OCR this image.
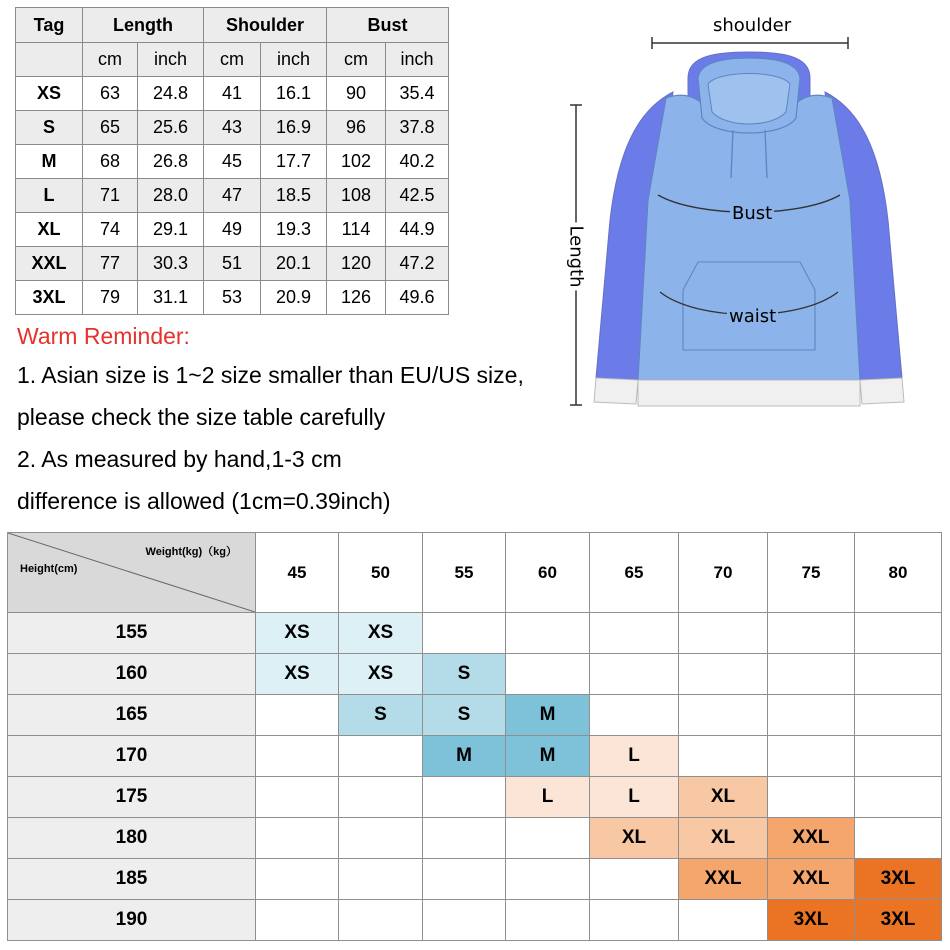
Tag	Length		Shoulder		Bust	
	cm	inch	cm	inch	cm	inch
XS	63	24.8	41	16.1	90	35.4
S	65	25.6	43	16.9	96	37.8
M	68	26.8	45	17.7	102	40.2
L	71	28.0	47	18.5	108	42.5
XL	74	29.1	49	19.3	114	44.9
XXL	77	30.3	51	20.1	120	47.2
3XL	79	31.1	53	20.9	126	49.6
Warm Reminder:
1. Asian size is 1~2 size smaller than EU/US size,
please check the size table carefully
2. As measured by hand,1-3 cm
difference is allowed (1cm=0.39inch)
shoulder
Bust
waist
Length
Weight(kg)（kg）
Height(cm)	45	50	55	60	65	70	75	80
155	XS	XS						
160	XS	XS	S					
165		S	S	M				
170			M	M	L			
175				L	L	XL		
180					XL	XL	XXL	
185						XXL	XXL	3XL
190							3XL	3XL
